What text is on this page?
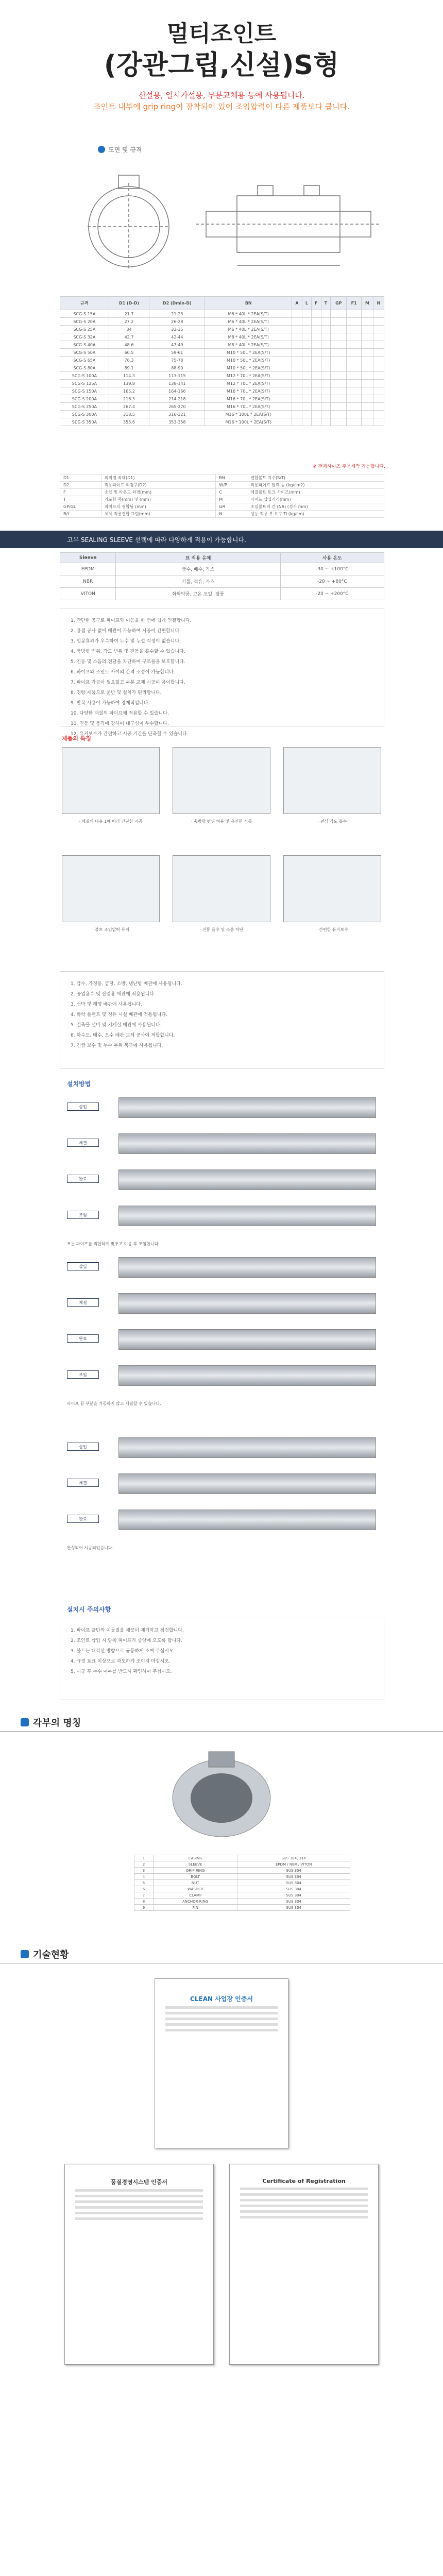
멀티조인트
(강관그립,신설)S형
신설용, 일시가설용, 부분교체용 등에 사용됩니다.
조인트 내부에 grip ring이 장착되어 있어 조임압력이 다른 제품보다 큽니다.
도면 및 규격
규격	D1 (D-D)	D2 (Dmin-D)	BN	A	L	F	T	GP	F1	M	N
SCG-S 15A	21.7	21-23	M6 * 40L * 2EA(S/T)								
SCG-S 20A	27.2	26-28	M6 * 40L * 2EA(S/T)								
SCG-S 25A	34	33-35	M6 * 40L * 2EA(S/T)								
SCG-S 32A	42.7	42-44	M8 * 40L * 2EA(S/T)								
SCG-S 40A	48.6	47-49	M8 * 40L * 2EA(S/T)								
SCG-S 50A	60.5	59-61	M10 * 50L * 2EA(S/T)								
SCG-S 65A	76.3	75-78	M10 * 50L * 2EA(S/T)								
SCG-S 80A	89.1	88-90	M10 * 50L * 2EA(S/T)								
SCG-S 100A	114.3	113-115	M12 * 70L * 2EA(S/T)								
SCG-S 125A	139.8	138-141	M12 * 70L * 2EA(S/T)								
SCG-S 150A	165.2	164-166	M16 * 70L * 2EA(S/T)								
SCG-S 200A	216.3	214-218	M16 * 70L * 2EA(S/T)								
SCG-S 250A	267.4	265-270	M16 * 70L * 2EA(S/T)								
SCG-S 300A	318.5	316-321	M16 * 100L * 2EA(S/T)								
SCG-S 350A	355.6	353-358	M16 * 100L * 2EA(S/T)								
※ 전체사이즈 주문제작 가능합니다.
D1	외적경 최대(D1)	BN	결합볼트 지수(S/T)
D2	적용파이프 외경구(D2)	W/P	적용파이프 압력 등 (kg/cm2)
F	소켓 및 라운드 외경(mm)	C	체결볼트 토크 사이즈(mm)
T	가포함 폭(mm) 및 (mm)	M	파이프 삽입거리(mm)
GP/GL	파이프의 결합됨 (mm)	GR	조임볼트의 간 (NA) (경사 mm)
B/I	체제 적용결합 그립(mm)	N	성능 적용 부 요구 Ti (kg/cm)
고무 SEALING SLEEVE 선택에 따라 다양하게 적용이 가능합니다.
Sleeve	표 적용 유체	사용 온도
EPDM	급수, 배수, 가스	-30 ~ +100°C
NBR	기름, 석유, 가스	-20 ~ +80°C
VITON	화학약품, 고온 오일, 열풍	-20 ~ +200°C
1. 간단한 공구로 파이프와 이음을 한 번에 쉽게 연결합니다.
2. 용접 공사 없이 배관이 가능하여 시공이 간편합니다.
3. 밀봉효과가 우수하여 누수 및 누설 걱정이 없습니다.
4. 축방향 변위, 각도 변위 및 진동을 흡수할 수 있습니다.
5. 진동 및 소음의 전달을 차단하여 구조물을 보호합니다.
6. 파이프와 조인트 사이의 간격 조정이 가능합니다.
7. 파이프 가공이 필요없고 부분 교체 시공이 용이합니다.
8. 경량 제품으로 운반 및 설치가 편리합니다.
9. 반복 사용이 가능하여 경제적입니다.
10. 다양한 재질의 파이프에 적용할 수 있습니다.
11. 진동 및 충격에 강하며 내구성이 우수합니다.
12. 유지보수가 간편하고 시공 기간을 단축할 수 있습니다.
제품의 특징
· 체결의 내용 1에 따라 간단한 시공	· 축방향 변위 허용 및 유연한 시공	· 편심 각도 흡수
· 볼트 조임압력 유지	· 진동 흡수 및 소음 차단	· 간편한 유지보수
1. 급수, 가정용, 급탕, 소방, 냉난방 배관에 사용됩니다.
2. 공업용수 및 산업용 배관에 적용됩니다.
3. 선박 및 해양 배관에 사용됩니다.
4. 화학 플랜트 및 정유 시설 배관에 적용됩니다.
5. 건축물 설비 및 기계실 배관에 사용됩니다.
6. 하수도, 배수, 오수 배관 교체 공사에 적합합니다.
7. 긴급 보수 및 누수 부위 복구에 사용됩니다.
설치방법
삽입
체결
완료
조임
모든 파이프를 적합하게 맞추고 이음 후 조임합니다.
삽입
체결
완료
조임
파이프 끝 부분을 가공하지 않고 체결할 수 있습니다.
삽입
체결
완료
완성되어 시공되었습니다.
설치시 주의사항
1. 파이프 끝단의 이물질을 깨끗이 제거하고 점검합니다.
2. 조인트 삽입 시 양쪽 파이프가 중앙에 오도록 합니다.
3. 볼트는 대각선 방향으로 균등하게 조여 주십시오.
4. 규정 토크 이상으로 과도하게 조이지 마십시오.
5. 시공 후 누수 여부를 반드시 확인하여 주십시오.
각부의 명칭
1	CASING	SUS 304, 316
2	SLEEVE	EPDM / NBR / VITON
3	GRIP RING	SUS 304
4	BOLT	SUS 304
5	NUT	SUS 304
6	WASHER	SUS 304
7	CLAMP	SUS 304
8	ANCHOR RING	SUS 304
9	PIN	SUS 304
기술현황
CLEAN 사업장 인증서
품질경영시스템 인증서	Certificate of Registration
